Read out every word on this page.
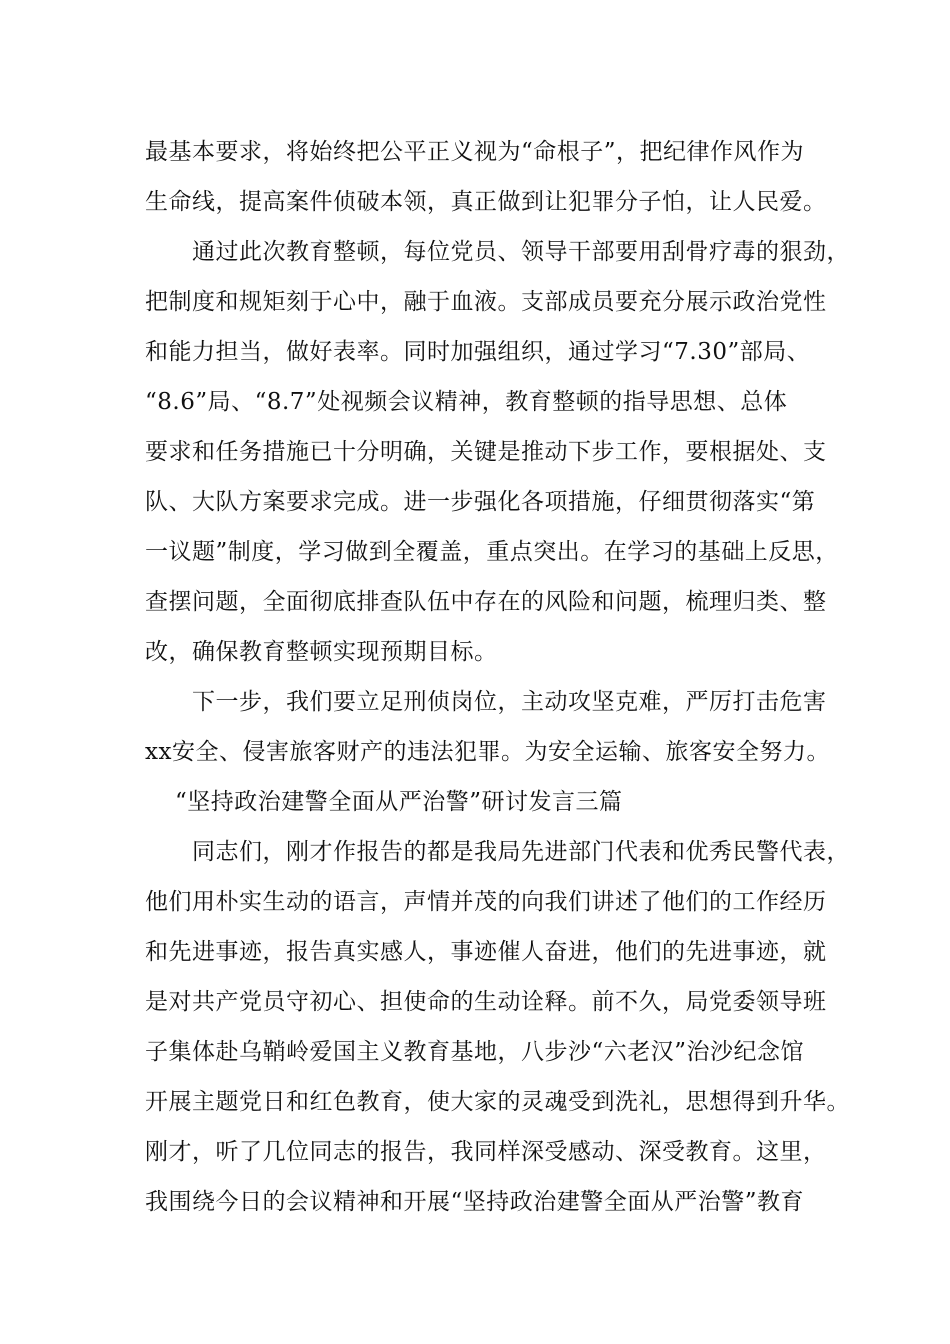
最基本要求，将始终把公平正义视为“命根子”，把纪律作风作为
生命线，提高案件侦破本领，真正做到让犯罪分子怕，让人民爱。
通过此次教育整顿，每位党员、领导干部要用刮骨疗毒的狠劲，
把制度和规矩刻于心中，融于血液。支部成员要充分展示政治党性
和能力担当，做好表率。同时加强组织，通过学习“7.30”部局、
“8.6”局、“8.7”处视频会议精神，教育整顿的指导思想、总体
要求和任务措施已十分明确，关键是推动下步工作，要根据处、支
队、大队方案要求完成。进一步强化各项措施，仔细贯彻落实“第
一议题”制度，学习做到全覆盖，重点突出。在学习的基础上反思，
查摆问题，全面彻底排查队伍中存在的风险和问题，梳理归类、整
改，确保教育整顿实现预期目标。
下一步，我们要立足刑侦岗位，主动攻坚克难，严厉打击危害
xx安全、侵害旅客财产的违法犯罪。为安全运输、旅客安全努力。
“坚持政治建警全面从严治警”研讨发言三篇
同志们，刚才作报告的都是我局先进部门代表和优秀民警代表，
他们用朴实生动的语言，声情并茂的向我们讲述了他们的工作经历
和先进事迹，报告真实感人，事迹催人奋进，他们的先进事迹，就
是对共产党员守初心、担使命的生动诠释。前不久，局党委领导班
子集体赴乌鞘岭爱国主义教育基地，八步沙“六老汉”治沙纪念馆
开展主题党日和红色教育，使大家的灵魂受到洗礼，思想得到升华。
刚才，听了几位同志的报告，我同样深受感动、深受教育。这里，
我围绕今日的会议精神和开展“坚持政治建警全面从严治警”教育
